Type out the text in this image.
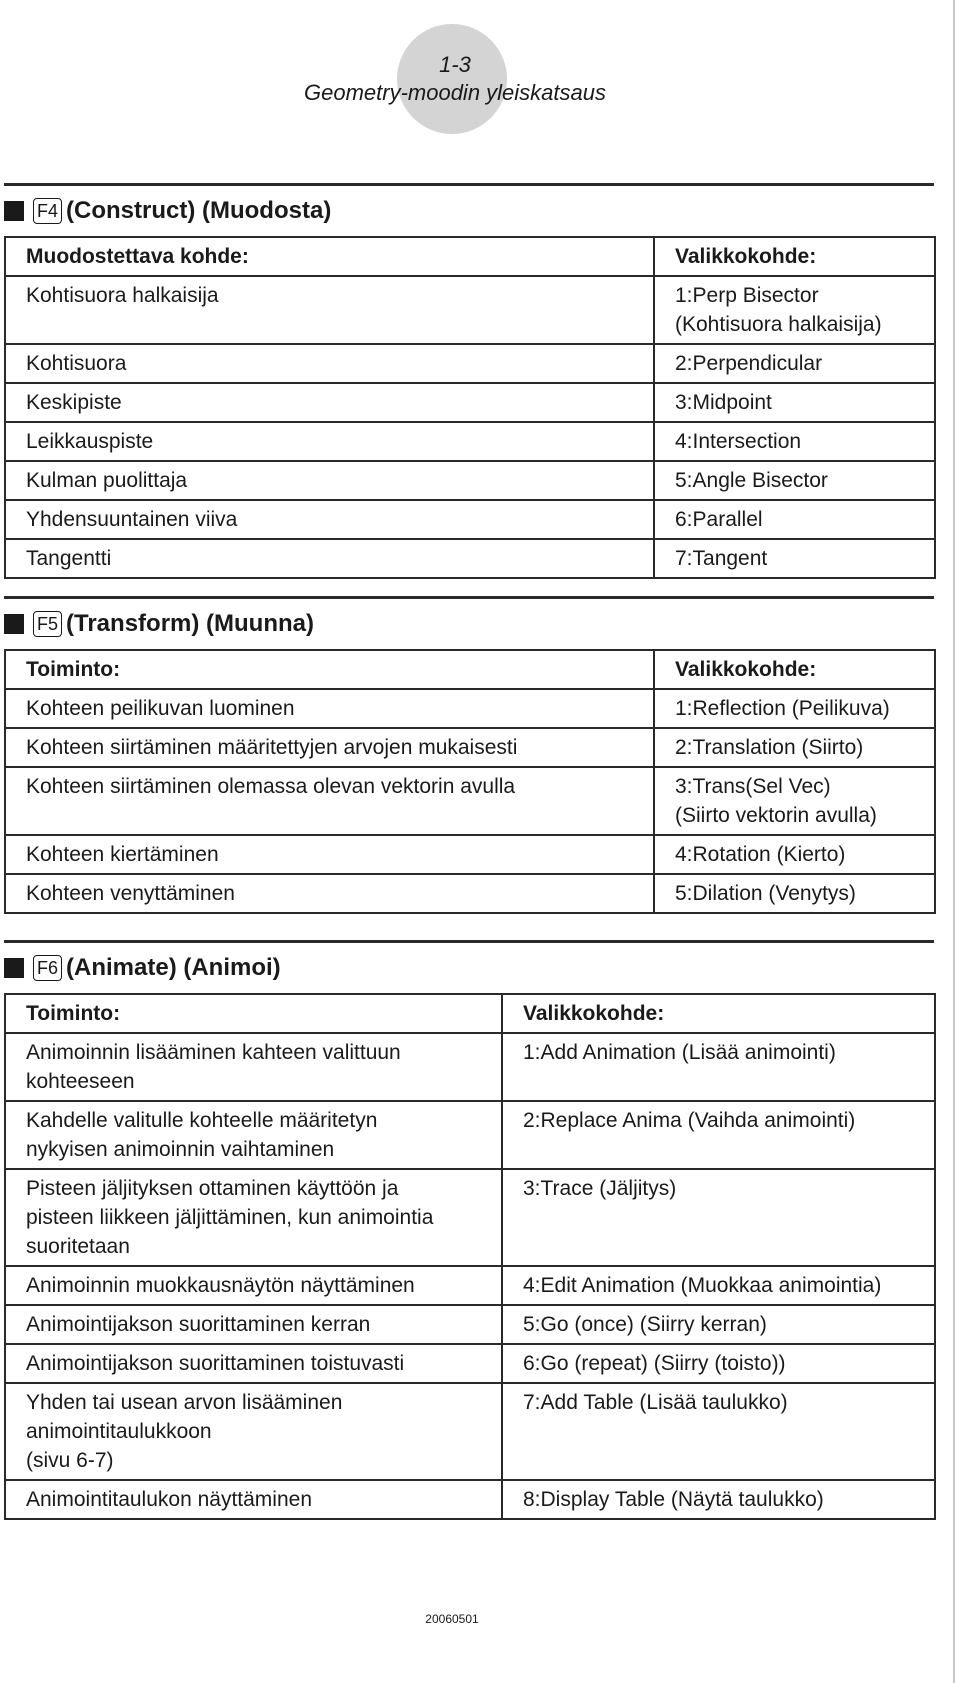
1-3
Geometry-moodin yleiskatsaus
F4 (Construct) (Muodosta)
Muodostettava kohde:	Valikkokohde:

Kohtisuora halkaisija	1:Perp Bisector
(Kohtisuora halkaisija)

Kohtisuora	2:Perpendicular

Keskipiste	3:Midpoint

Leikkauspiste	4:Intersection

Kulman puolittaja	5:Angle Bisector

Yhdensuuntainen viiva	6:Parallel

Tangentti	7:Tangent
F5 (Transform) (Muunna)
Toiminto:	Valikkokohde:

Kohteen peilikuvan luominen	1:Reflection (Peilikuva)

Kohteen siirtäminen määritettyjen arvojen mukaisesti	2:Translation (Siirto)

Kohteen siirtäminen olemassa olevan vektorin avulla	3:Trans(Sel Vec)
(Siirto vektorin avulla)

Kohteen kiertäminen	4:Rotation (Kierto)

Kohteen venyttäminen	5:Dilation (Venytys)
F6 (Animate) (Animoi)
Toiminto:	Valikkokohde:

Animoinnin lisääminen kahteen valittuun
kohteeseen	1:Add Animation (Lisää animointi)

Kahdelle valitulle kohteelle määritetyn
nykyisen animoinnin vaihtaminen	2:Replace Anima (Vaihda animointi)

Pisteen jäljityksen ottaminen käyttöön ja
pisteen liikkeen jäljittäminen, kun animointia
suoritetaan	3:Trace (Jäljitys)

Animoinnin muokkausnäytön näyttäminen	4:Edit Animation (Muokkaa animointia)

Animointijakson suorittaminen kerran	5:Go (once) (Siirry kerran)

Animointijakson suorittaminen toistuvasti	6:Go (repeat) (Siirry (toisto))

Yhden tai usean arvon lisääminen
animointitaulukkoon
(sivu 6-7)	7:Add Table (Lisää taulukko)

Animointitaulukon näyttäminen	8:Display Table (Näytä taulukko)
20060501
